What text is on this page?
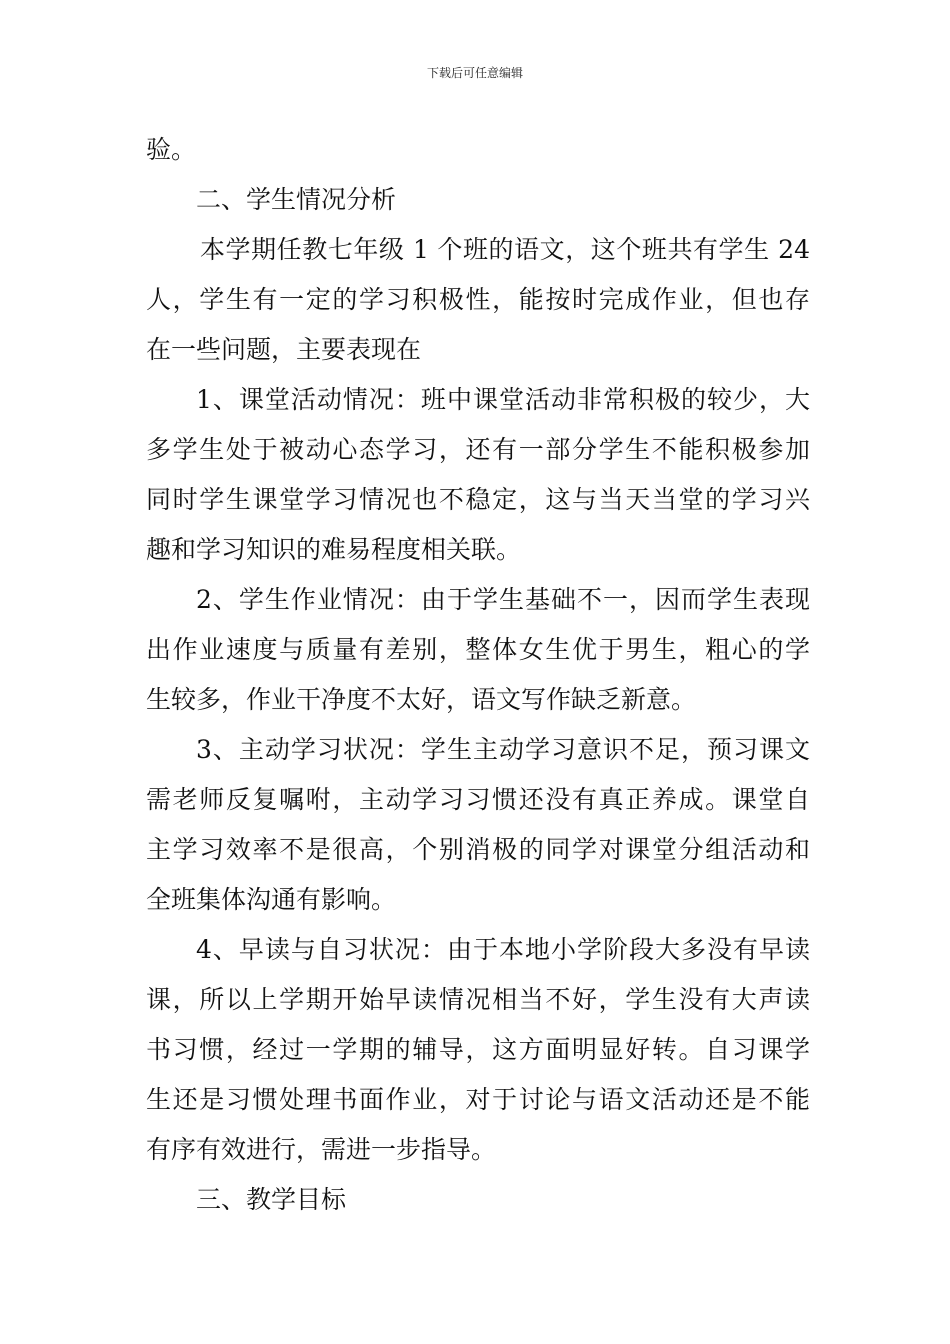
下载后可任意编辑
验。
二、学生情况分析
本学期任教七年级 1 个班的语文，这个班共有学生 24
人，学生有一定的学习积极性，能按时完成作业，但也存
在一些问题，主要表现在
1、课堂活动情况：班中课堂活动非常积极的较少，大
多学生处于被动心态学习，还有一部分学生不能积极参加
同时学生课堂学习情况也不稳定，这与当天当堂的学习兴
趣和学习知识的难易程度相关联。
2、学生作业情况：由于学生基础不一，因而学生表现
出作业速度与质量有差别，整体女生优于男生，粗心的学
生较多，作业干净度不太好，语文写作缺乏新意。
3、主动学习状况：学生主动学习意识不足，预习课文
需老师反复嘱咐，主动学习习惯还没有真正养成。课堂自
主学习效率不是很高，个别消极的同学对课堂分组活动和
全班集体沟通有影响。
4、早读与自习状况：由于本地小学阶段大多没有早读
课，所以上学期开始早读情况相当不好，学生没有大声读
书习惯，经过一学期的辅导，这方面明显好转。自习课学
生还是习惯处理书面作业，对于讨论与语文活动还是不能
有序有效进行，需进一步指导。
三、教学目标
